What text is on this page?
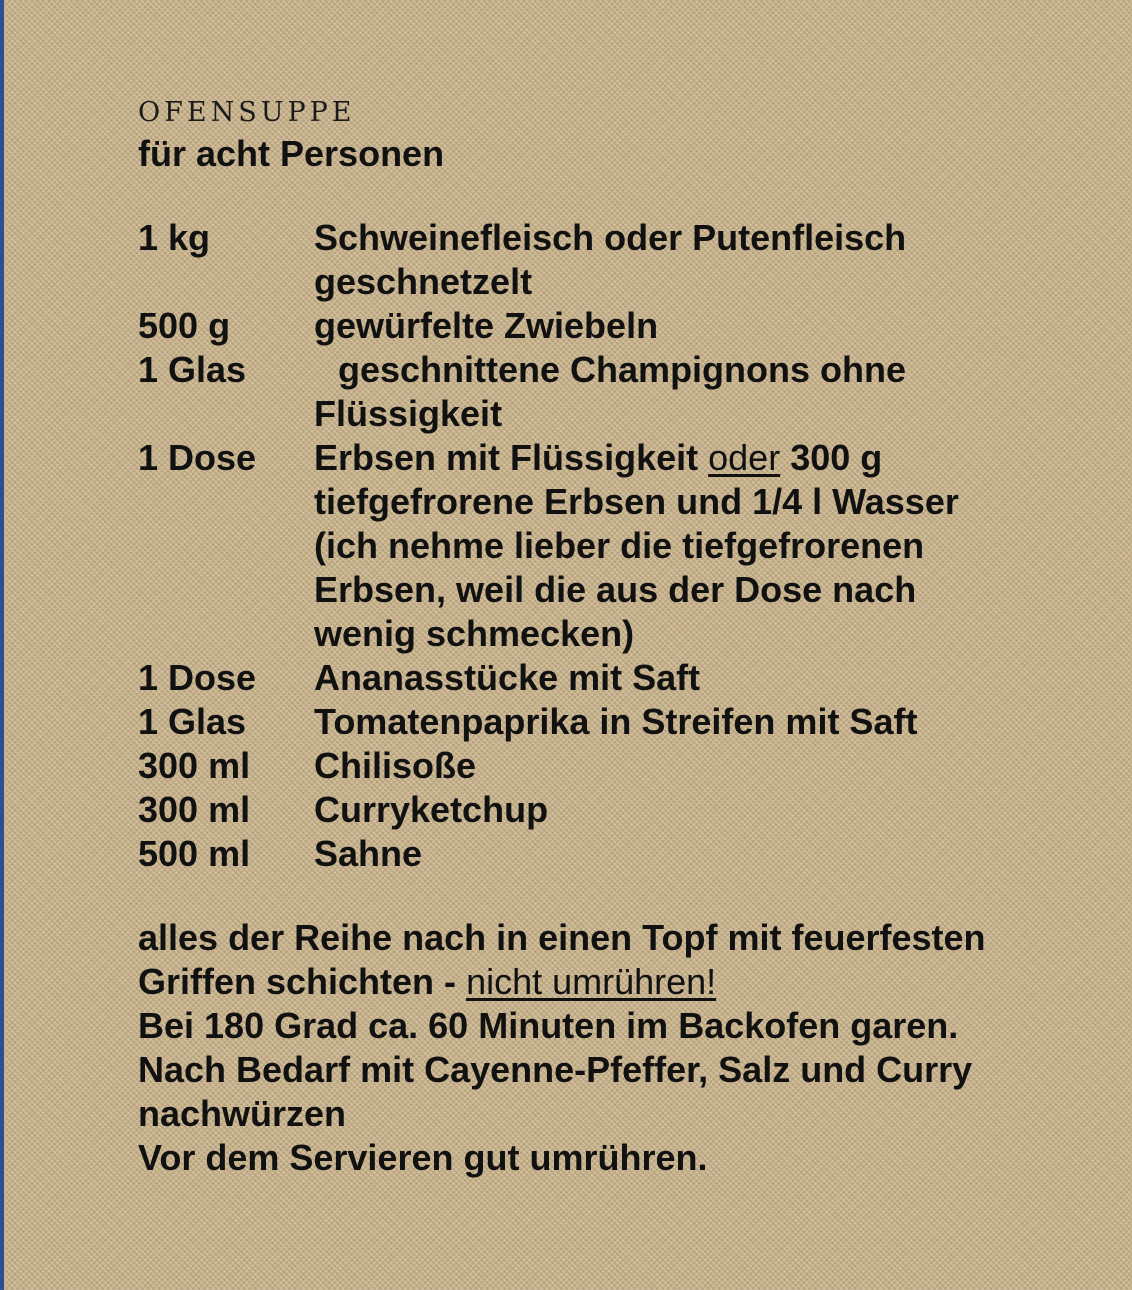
ofensuppe
für acht Personen
1 kg	Schweinefleisch oder Putenfleisch geschnetzelt
500 g	gewürfelte Zwiebeln
1 Glas	geschnittene Champignons ohne Flüssigkeit
1 Dose	Erbsen mit Flüssigkeit oder 300 g tiefgefrorene Erbsen und 1/4 l Wasser (ich nehme lieber die tiefgefrorenen Erbsen, weil die aus der Dose nach wenig schmecken)
1 Dose	Ananasstücke mit Saft
1 Glas	Tomatenpaprika in Streifen mit Saft
300 ml	Chilisoße
300 ml	Curryketchup
500 ml	Sahne
alles der Reihe nach in einen Topf mit feuerfesten Griffen schichten - nicht umrühren!
Bei 180 Grad ca. 60 Minuten im Backofen garen.
Nach Bedarf mit Cayenne-Pfeffer, Salz und Curry nachwürzen
Vor dem Servieren gut umrühren.
